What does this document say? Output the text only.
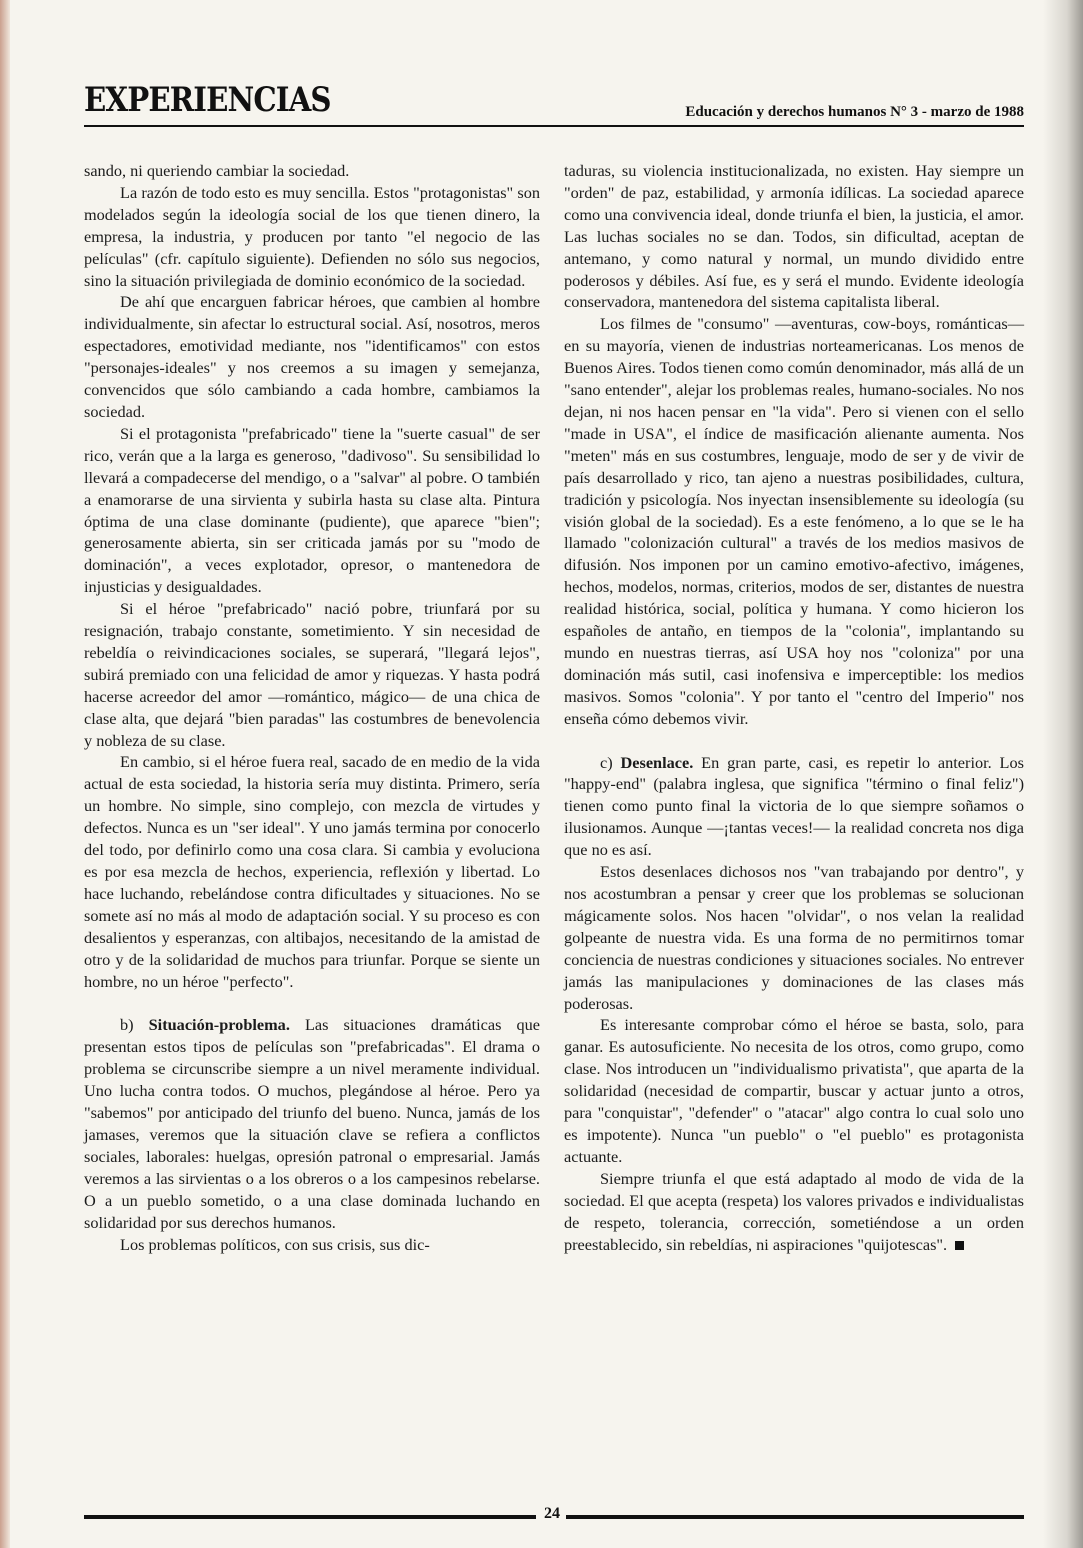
EXPERIENCIAS	Educación y derechos humanos N° 3 - marzo de 1988

sando, ni queriendo cambiar la sociedad.

La razón de todo esto es muy sencilla. Estos "protagonistas" son modelados según la ideología social de los que tienen dinero, la empresa, la industria, y producen por tanto "el negocio de las películas" (cfr. capítulo siguiente). Defienden no sólo sus negocios, sino la situación privilegiada de dominio económico de la sociedad.

De ahí que encarguen fabricar héroes, que cambien al hombre individualmente, sin afectar lo estructural social. Así, nosotros, meros espectadores, emotividad mediante, nos "identificamos" con estos "personajes-ideales" y nos creemos a su imagen y semejanza, convencidos que sólo cambiando a cada hombre, cambiamos la sociedad.

Si el protagonista "prefabricado" tiene la "suerte casual" de ser rico, verán que a la larga es generoso, "dadivoso". Su sensibilidad lo llevará a compadecerse del mendigo, o a "salvar" al pobre. O también a enamorarse de una sirvienta y subirla hasta su clase alta. Pintura óptima de una clase dominante (pudiente), que aparece "bien"; generosamente abierta, sin ser criticada jamás por su "modo de dominación", a veces explotador, opresor, o mantenedora de injusticias y desigualdades.

Si el héroe "prefabricado" nació pobre, triunfará por su resignación, trabajo constante, sometimiento. Y sin necesidad de rebeldía o reivindicaciones sociales, se superará, "llegará lejos", subirá premiado con una felicidad de amor y riquezas. Y hasta podrá hacerse acreedor del amor —romántico, mágico— de una chica de clase alta, que dejará "bien paradas" las costumbres de benevolencia y nobleza de su clase.

En cambio, si el héroe fuera real, sacado de en medio de la vida actual de esta sociedad, la historia sería muy distinta. Primero, sería un hombre. No simple, sino complejo, con mezcla de virtudes y defectos. Nunca es un "ser ideal". Y uno jamás termina por conocerlo del todo, por definirlo como una cosa clara. Si cambia y evoluciona es por esa mezcla de hechos, experiencia, reflexión y libertad. Lo hace luchando, rebelándose contra dificultades y situaciones. No se somete así no más al modo de adaptación social. Y su proceso es con desalientos y esperanzas, con altibajos, necesitando de la amistad de otro y de la solidaridad de muchos para triunfar. Porque se siente un hombre, no un héroe "perfecto".

b) Situación-problema. Las situaciones dramáticas que presentan estos tipos de películas son "prefabricadas". El drama o problema se circunscribe siempre a un nivel meramente individual. Uno lucha contra todos. O muchos, plegándose al héroe. Pero ya "sabemos" por anticipado del triunfo del bueno. Nunca, jamás de los jamases, veremos que la situación clave se refiera a conflictos sociales, laborales: huelgas, opresión patronal o empresarial. Jamás veremos a las sirvientas o a los obreros o a los campesinos rebelarse. O a un pueblo sometido, o a una clase dominada luchando en solidaridad por sus derechos humanos.

Los problemas políticos, con sus crisis, sus dic-

taduras, su violencia institucionalizada, no existen. Hay siempre un "orden" de paz, estabilidad, y armonía idílicas. La sociedad aparece como una convivencia ideal, donde triunfa el bien, la justicia, el amor. Las luchas sociales no se dan. Todos, sin dificultad, aceptan de antemano, y como natural y normal, un mundo dividido entre poderosos y débiles. Así fue, es y será el mundo. Evidente ideología conservadora, mantenedora del sistema capitalista liberal.

Los filmes de "consumo" —aventuras, cow-boys, románticas— en su mayoría, vienen de industrias norteamericanas. Los menos de Buenos Aires. Todos tienen como común denominador, más allá de un "sano entender", alejar los problemas reales, humano-sociales. No nos dejan, ni nos hacen pensar en "la vida". Pero si vienen con el sello "made in USA", el índice de masificación alienante aumenta. Nos "meten" más en sus costumbres, lenguaje, modo de ser y de vivir de país desarrollado y rico, tan ajeno a nuestras posibilidades, cultura, tradición y psicología. Nos inyectan insensiblemente su ideología (su visión global de la sociedad). Es a este fenómeno, a lo que se le ha llamado "colonización cultural" a través de los medios masivos de difusión. Nos imponen por un camino emotivo-afectivo, imágenes, hechos, modelos, normas, criterios, modos de ser, distantes de nuestra realidad histórica, social, política y humana. Y como hicieron los españoles de antaño, en tiempos de la "colonia", implantando su mundo en nuestras tierras, así USA hoy nos "coloniza" por una dominación más sutil, casi inofensiva e imperceptible: los medios masivos. Somos "colonia". Y por tanto el "centro del Imperio" nos enseña cómo debemos vivir.

c) Desenlace. En gran parte, casi, es repetir lo anterior. Los "happy-end" (palabra inglesa, que significa "término o final feliz") tienen como punto final la victoria de lo que siempre soñamos o ilusionamos. Aunque —¡tantas veces!— la realidad concreta nos diga que no es así.

Estos desenlaces dichosos nos "van trabajando por dentro", y nos acostumbran a pensar y creer que los problemas se solucionan mágicamente solos. Nos hacen "olvidar", o nos velan la realidad golpeante de nuestra vida. Es una forma de no permitirnos tomar conciencia de nuestras condiciones y situaciones sociales. No entrever jamás las manipulaciones y dominaciones de las clases más poderosas.

Es interesante comprobar cómo el héroe se basta, solo, para ganar. Es autosuficiente. No necesita de los otros, como grupo, como clase. Nos introducen un "individualismo privatista", que aparta de la solidaridad (necesidad de compartir, buscar y actuar junto a otros, para "conquistar", "defender" o "atacar" algo contra lo cual solo uno es impotente). Nunca "un pueblo" o "el pueblo" es protagonista actuante.

Siempre triunfa el que está adaptado al modo de vida de la sociedad. El que acepta (respeta) los valores privados e individualistas de respeto, tolerancia, corrección, sometiéndose a un orden preestablecido, sin rebeldías, ni aspiraciones "quijotescas".

24
